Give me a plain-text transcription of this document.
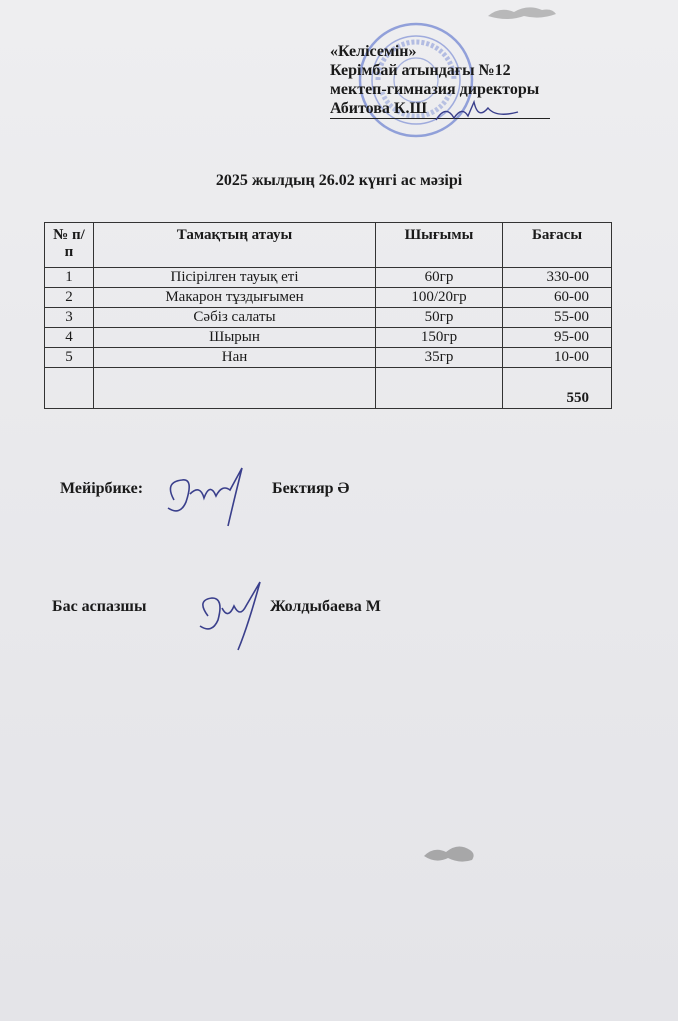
«Келісемін»
Керімбай атындағы №12
мектеп-гимназия директоры
Абитова К.Ш
2025 жылдың 26.02 күнгі ас мәзірі
№ п/п	Тамақтың атауы	Шығымы	Бағасы
1	Пісірілген тауық еті	60гр	330-00
2	Макарон тұздығымен	100/20гр	60-00
3	Сәбіз салаты	50гр	55-00
4	Шырын	150гр	95-00
5	Нан	35гр	10-00
			550
Мейірбике:	Бектияр Ә
Бас аспазшы	Жолдыбаева М
